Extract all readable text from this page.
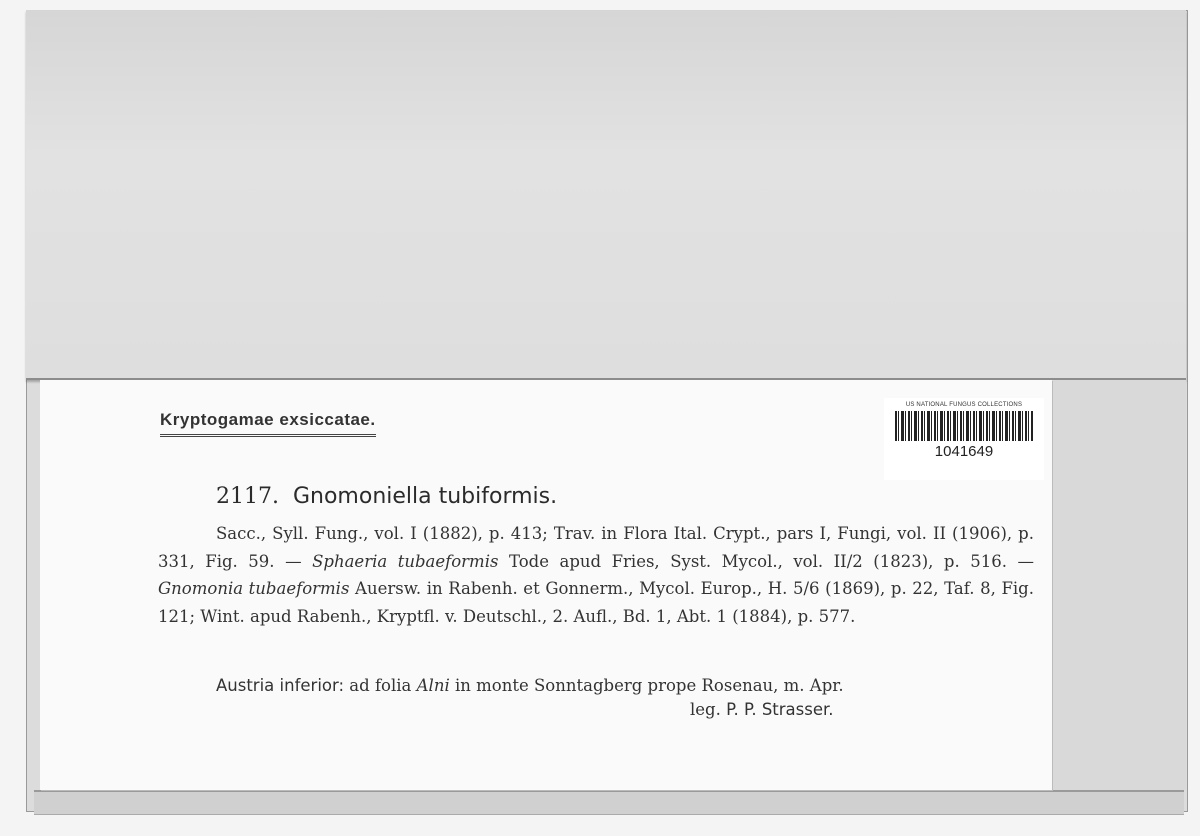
Kryptogamae exsiccatae.
US NATIONAL FUNGUS COLLECTIONS
1041649
2117. Gnomoniella tubiformis.
Sacc., Syll. Fung., vol. I (1882), p. 413; Trav. in Flora Ital. Crypt., pars I, Fungi, vol. II (1906), p. 331, Fig. 59. — Sphaeria tubaeformis Tode apud Fries, Syst. Mycol., vol. II/2 (1823), p. 516. — Gnomonia tubaeformis Auersw. in Rabenh. et Gonnerm., Mycol. Europ., H. 5/6 (1869), p. 22, Taf. 8, Fig. 121; Wint. apud Rabenh., Kryptfl. v. Deutschl., 2. Aufl., Bd. 1, Abt. 1 (1884), p. 577.
Austria inferior: ad folia Alni in monte Sonntagberg prope Rosenau, m. Apr.
leg. P. P. Strasser.
